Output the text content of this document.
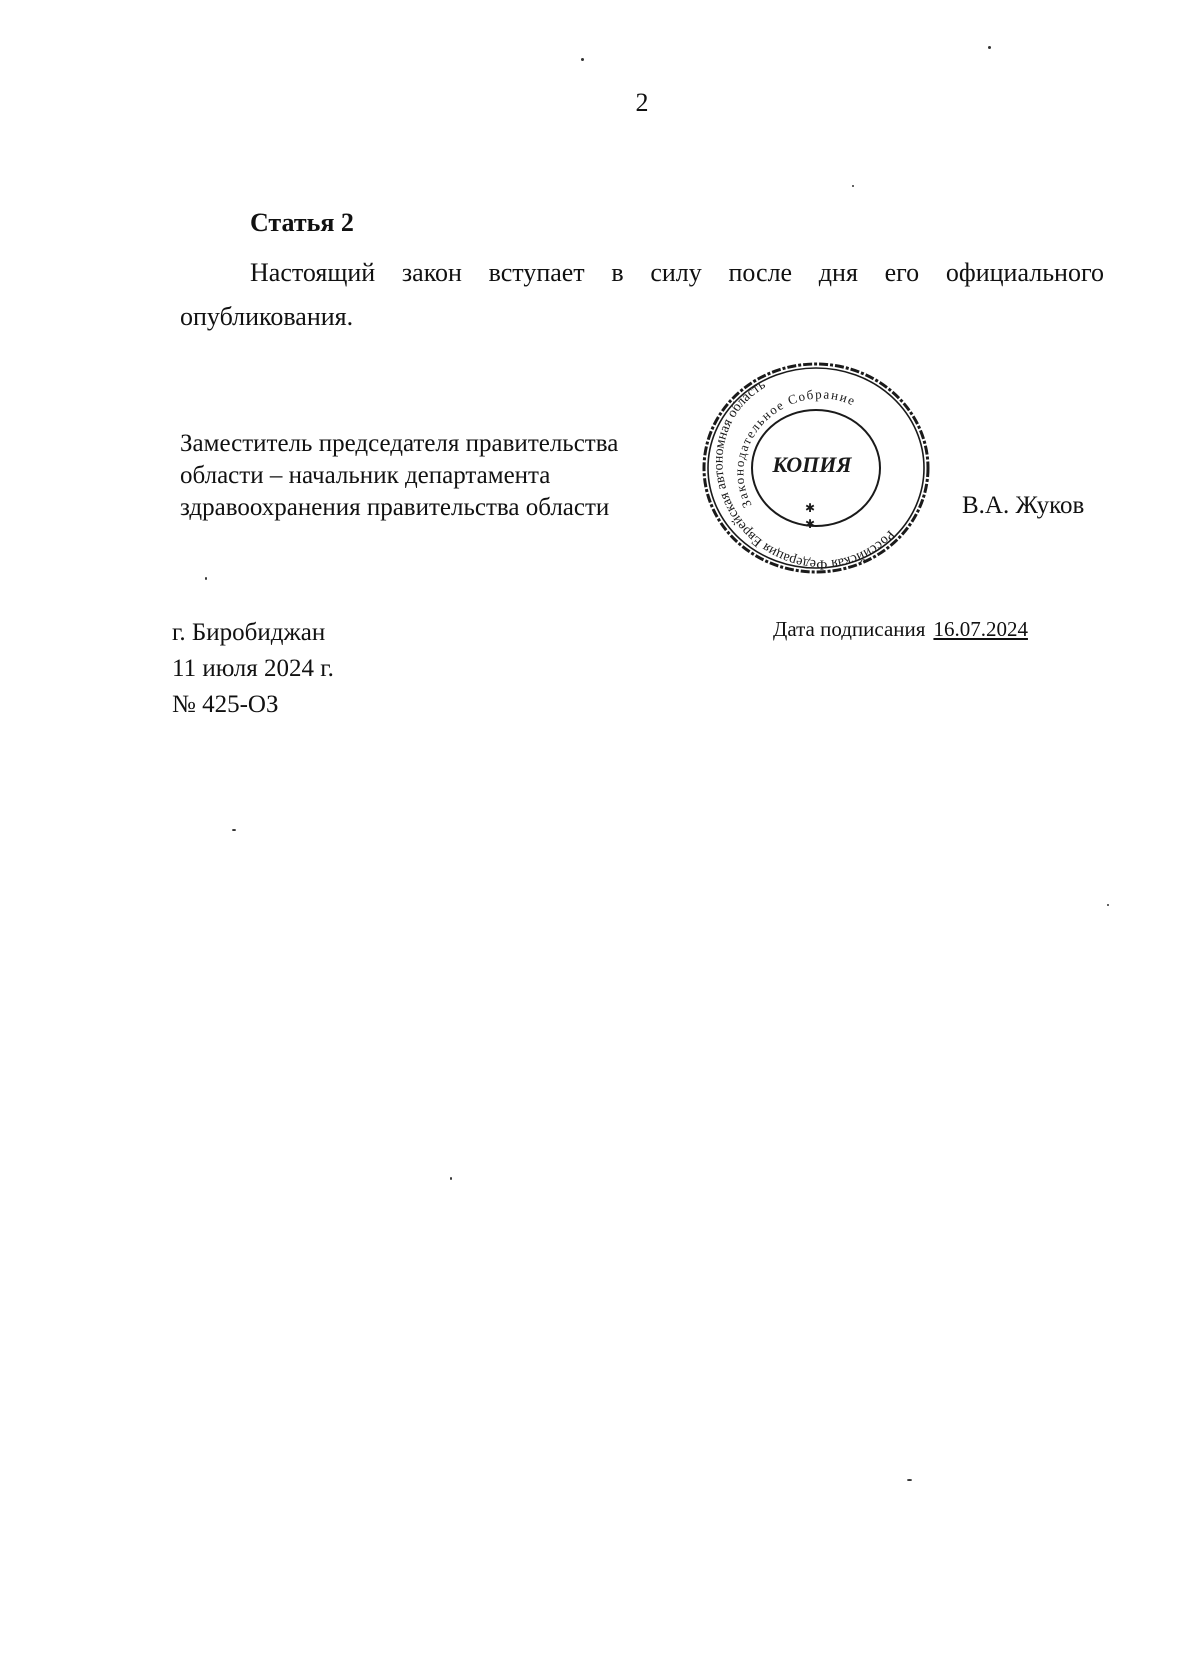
2
Статья 2
Настоящий закон вступает в силу после дня его официального опубликования.
Заместитель председателя правительства
области – начальник департамента
здравоохранения правительства области
Российская Федерация Еврейская автономная область
Законодательное Собрание
КОПИЯ
✱
✱
В.А. Жуков
г. Биробиджан
11 июля 2024 г.
№ 425-ОЗ
Дата подписания 16.07.2024
